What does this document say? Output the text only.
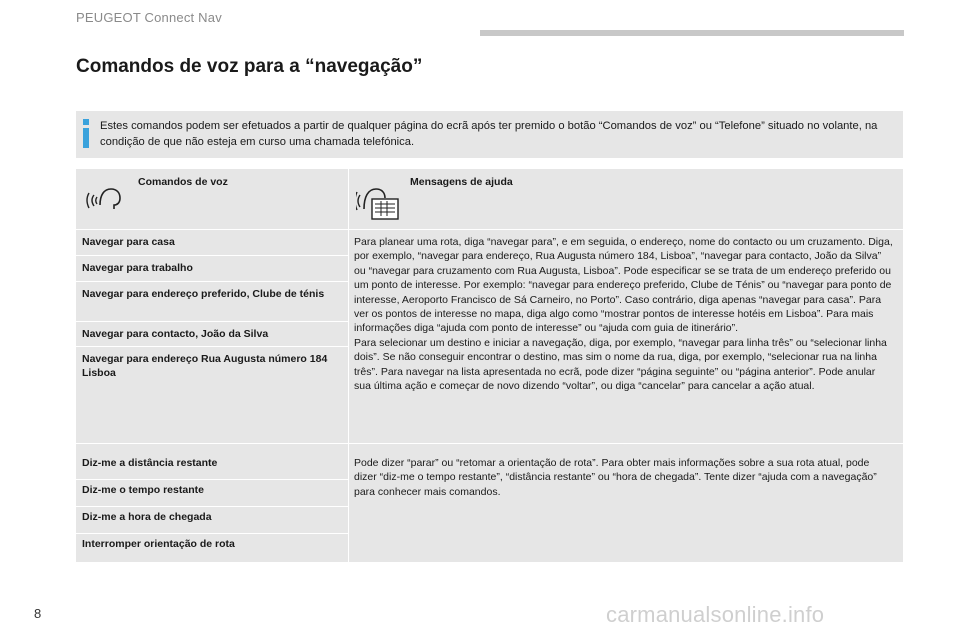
PEUGEOT Connect Nav
Comandos de voz para a “navegação”
Estes comandos podem ser efetuados a partir de qualquer página do ecrã após ter premido o botão “Comandos de voz” ou “Telefone” situado no volante, na condição de que não esteja em curso uma chamada telefónica.
Comandos de voz	Mensagens de ajuda
Navegar para casa
Navegar para trabalho
Navegar para endereço preferido, Clube de ténis
Navegar para contacto, João da Silva
Navegar para endereço Rua Augusta número 184 Lisboa
Para planear uma rota, diga “navegar para”, e em seguida, o endereço, nome do contacto ou um cruzamento. Diga, por exemplo, “navegar para endereço, Rua Augusta número 184, Lisboa”, “navegar para contacto, João da Silva” ou “navegar para cruzamento com Rua Augusta, Lisboa”. Pode especificar se se trata de um endereço preferido ou um ponto de interesse. Por exemplo: “navegar para endereço preferido, Clube de Ténis” ou “navegar para ponto de interesse, Aeroporto Francisco de Sá Carneiro, no Porto”. Caso contrário, diga apenas “navegar para casa”. Para ver os pontos de interesse no mapa, diga algo como “mostrar pontos de interesse hotéis em Lisboa”. Para mais informações diga “ajuda com ponto de interesse” ou “ajuda com guia de itinerário”.
Para selecionar um destino e iniciar a navegação, diga, por exemplo, “navegar para linha três” ou “selecionar linha dois”. Se não conseguir encontrar o destino, mas sim o nome da rua, diga, por exemplo, “selecionar rua na linha três”. Para navegar na lista apresentada no ecrã, pode dizer “página seguinte” ou “página anterior”. Pode anular sua última ação e começar de novo dizendo “voltar”, ou diga “cancelar” para cancelar a ação atual.
Diz-me a distância restante
Diz-me o tempo restante
Diz-me a hora de chegada
Interromper orientação de rota
Pode dizer “parar” ou “retomar a orientação de rota”. Para obter mais informações sobre a sua rota atual, pode dizer “diz-me o tempo restante”, “distância restante” ou “hora de chegada”. Tente dizer “ajuda com a navegação” para conhecer mais comandos.
8	carmanualsonline.info
